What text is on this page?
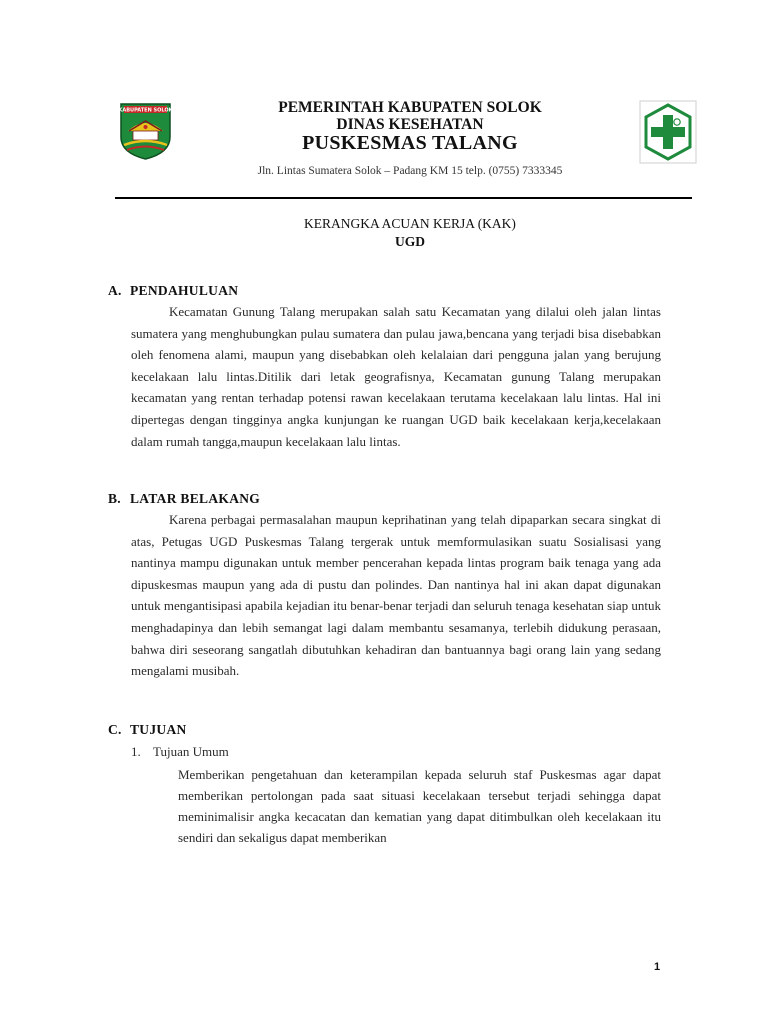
KABUPATEN SOLOK	PEMERINTAH KABUPATEN SOLOK
DINAS KESEHATAN
PUSKESMAS TALANG
Jln. Lintas Sumatera Solok – Padang KM 15 telp. (0755) 7333345
KERANGKA ACUAN KERJA (KAK)
UGD
A. PENDAHULUAN
Kecamatan Gunung Talang merupakan salah satu Kecamatan yang dilalui oleh jalan lintas sumatera yang menghubungkan pulau sumatera dan pulau jawa,bencana yang terjadi bisa disebabkan oleh fenomena alami, maupun yang disebabkan oleh kelalaian dari pengguna jalan yang berujung kecelakaan lalu lintas.Ditilik dari letak geografisnya, Kecamatan gunung Talang merupakan kecamatan yang rentan terhadap potensi rawan kecelakaan terutama kecelakaan lalu lintas. Hal ini dipertegas dengan tingginya angka kunjungan ke ruangan UGD baik kecelakaan kerja,kecelakaan dalam rumah tangga,maupun kecelakaan lalu lintas.
B. LATAR BELAKANG
Karena perbagai permasalahan maupun keprihatinan yang telah dipaparkan secara singkat di atas, Petugas UGD Puskesmas Talang tergerak untuk memformulasikan suatu Sosialisasi yang nantinya mampu digunakan untuk member pencerahan kepada lintas program baik tenaga yang ada dipuskesmas maupun yang ada di pustu dan polindes. Dan nantinya hal ini akan dapat digunakan untuk mengantisipasi apabila kejadian itu benar-benar terjadi dan seluruh tenaga kesehatan siap untuk menghadapinya dan lebih semangat lagi dalam membantu sesamanya, terlebih didukung perasaan, bahwa diri seseorang sangatlah dibutuhkan kehadiran dan bantuannya bagi orang lain yang sedang mengalami musibah.
C. TUJUAN
1. Tujuan Umum
Memberikan pengetahuan dan keterampilan kepada seluruh staf Puskesmas agar dapat memberikan pertolongan pada saat situasi kecelakaan tersebut terjadi sehingga dapat meminimalisir angka kecacatan dan kematian yang dapat ditimbulkan oleh kecelakaan itu sendiri dan sekaligus dapat memberikan
1
